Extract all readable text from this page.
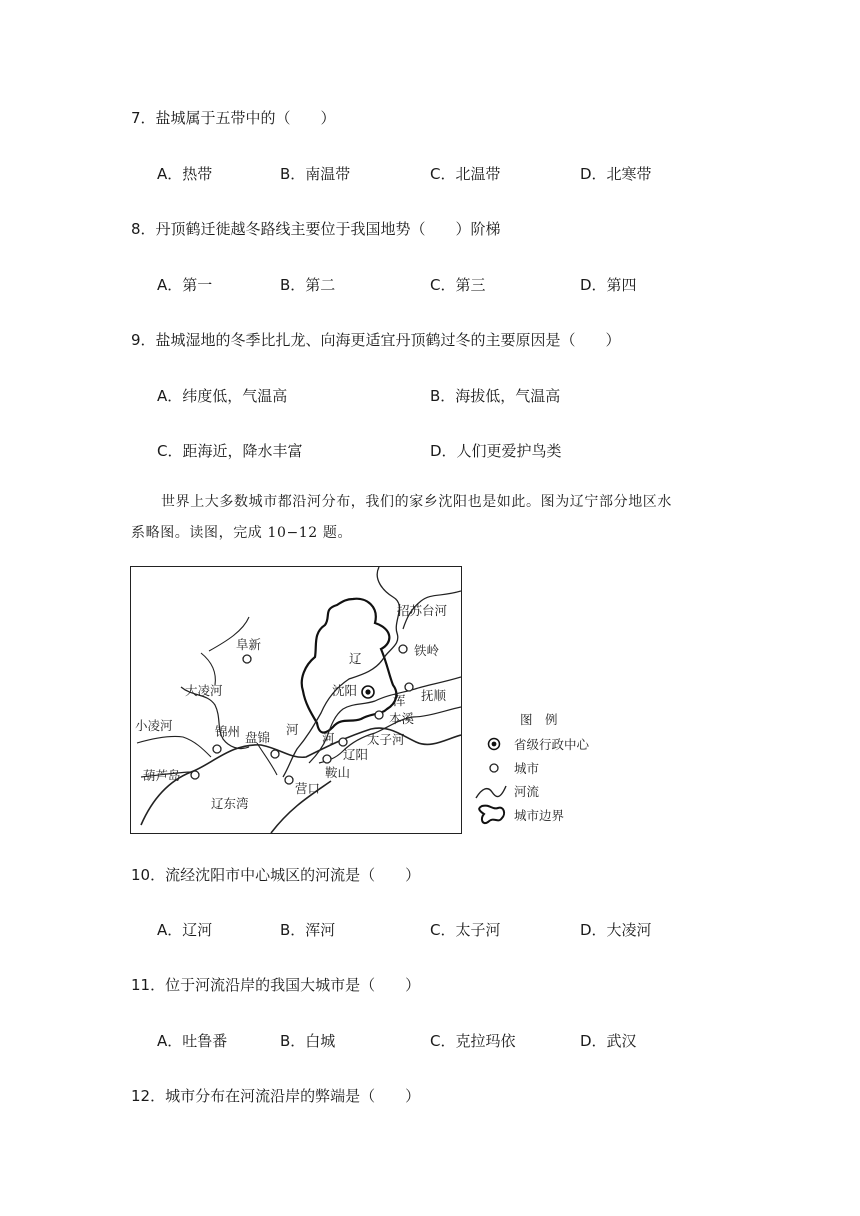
7．盐城属于五带中的（　　）
A．热带	B．南温带	C．北温带	D．北寒带
8．丹顶鹤迁徙越冬路线主要位于我国地势（　　）阶梯
A．第一	B．第二	C．第三	D．第四
9．盐城湿地的冬季比扎龙、向海更适宜丹顶鹤过冬的主要原因是（　　）
A．纬度低，气温高	B．海拔低，气温高
C．距海近，降水丰富	D．人们更爱护鸟类
世界上大多数城市都沿河分布，我们的家乡沈阳也是如此。图为辽宁部分地区水
系略图。读图，完成 10−12 题。
招苏台河
阜新	铁岭
辽
大凌河	沈阳
浑 抚顺
小凌河	锦州 盘锦
河
本溪
河	太子河
辽阳
葫芦岛	鞍山
营口
辽东湾
图　例
省级行政中心
城市
河流
城市边界
10．流经沈阳市中心城区的河流是（　　）
A．辽河	B．浑河	C．太子河	D．大凌河
11．位于河流沿岸的我国大城市是（　　）
A．吐鲁番	B．白城	C．克拉玛依	D．武汉
12．城市分布在河流沿岸的弊端是（　　）
